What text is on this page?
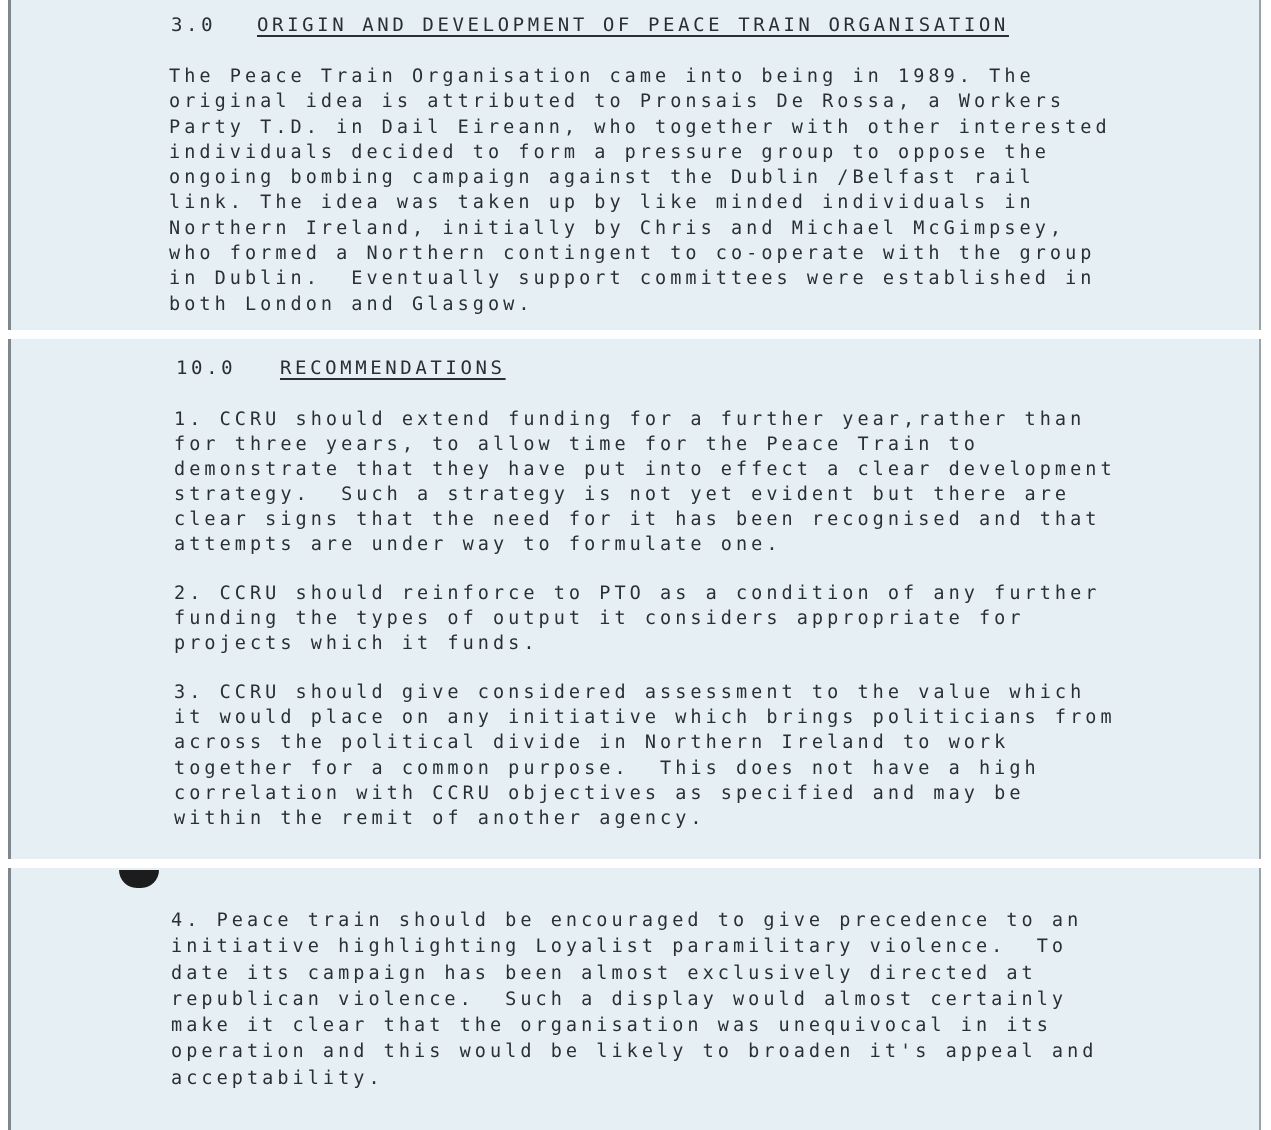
3.0 ORIGIN AND DEVELOPMENT OF PEACE TRAIN ORGANISATION
The Peace Train Organisation came into being in 1989. The
original idea is attributed to Pronsais De Rossa, a Workers
Party T.D. in Dail Eireann, who together with other interested
individuals decided to form a pressure group to oppose the
ongoing bombing campaign against the Dublin /Belfast rail
link. The idea was taken up by like minded individuals in
Northern Ireland, initially by Chris and Michael McGimpsey,
who formed a Northern contingent to co-operate with the group
in Dublin.  Eventually support committees were established in
both London and Glasgow.
10.0 RECOMMENDATIONS
1. CCRU should extend funding for a further year,rather than
for three years, to allow time for the Peace Train to
demonstrate that they have put into effect a clear development
strategy.  Such a strategy is not yet evident but there are
clear signs that the need for it has been recognised and that
attempts are under way to formulate one.
2. CCRU should reinforce to PTO as a condition of any further
funding the types of output it considers appropriate for
projects which it funds.
3. CCRU should give considered assessment to the value which
it would place on any initiative which brings politicians from
across the political divide in Northern Ireland to work
together for a common purpose.  This does not have a high
correlation with CCRU objectives as specified and may be
within the remit of another agency.
4. Peace train should be encouraged to give precedence to an
initiative highlighting Loyalist paramilitary violence.  To
date its campaign has been almost exclusively directed at
republican violence.  Such a display would almost certainly
make it clear that the organisation was unequivocal in its
operation and this would be likely to broaden it's appeal and
acceptability.
